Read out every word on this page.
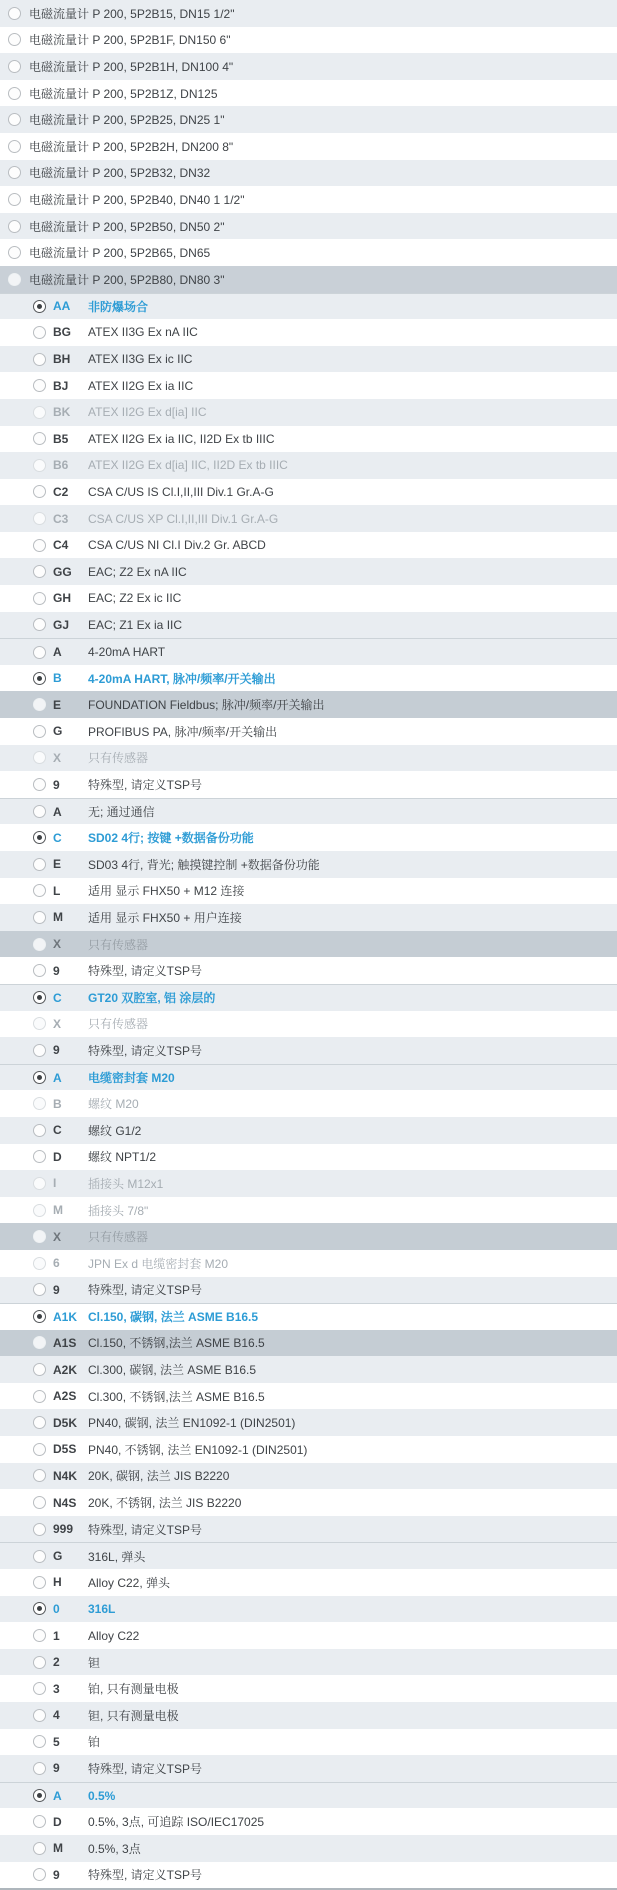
电磁流量计 P 200, 5P2B15, DN15 1/2"
电磁流量计 P 200, 5P2B1F, DN150 6"
电磁流量计 P 200, 5P2B1H, DN100 4"
电磁流量计 P 200, 5P2B1Z, DN125
电磁流量计 P 200, 5P2B25, DN25 1"
电磁流量计 P 200, 5P2B2H, DN200 8"
电磁流量计 P 200, 5P2B32, DN32
电磁流量计 P 200, 5P2B40, DN40 1 1/2"
电磁流量计 P 200, 5P2B50, DN50 2"
电磁流量计 P 200, 5P2B65, DN65
电磁流量计 P 200, 5P2B80, DN80 3"
AA	非防爆场合
BG	ATEX II3G Ex nA IIC
BH	ATEX II3G Ex ic IIC
BJ	ATEX II2G Ex ia IIC
BK	ATEX II2G Ex d[ia] IIC
B5	ATEX II2G Ex ia IIC, II2D Ex tb IIIC
B6	ATEX II2G Ex d[ia] IIC, II2D Ex tb IIIC
C2	CSA C/US IS Cl.I,II,III Div.1 Gr.A-G
C3	CSA C/US XP Cl.I,II,III Div.1 Gr.A-G
C4	CSA C/US NI Cl.I Div.2 Gr. ABCD
GG	EAC; Z2 Ex nA IIC
GH	EAC; Z2 Ex ic IIC
GJ	EAC; Z1 Ex ia IIC
A	4-20mA HART
B	4-20mA HART, 脉冲/频率/开关输出
E	FOUNDATION Fieldbus; 脉冲/频率/开关输出
G	PROFIBUS PA, 脉冲/频率/开关输出
X	只有传感器
9	特殊型, 请定义TSP号
A	无; 通过通信
C	SD02 4行; 按键 +数据备份功能
E	SD03 4行, 背光; 触摸键控制 +数据备份功能
L	适用 显示 FHX50 + M12 连接
M	适用 显示 FHX50 + 用户连接
X	只有传感器
9	特殊型, 请定义TSP号
C	GT20 双腔室, 铝 涂层的
X	只有传感器
9	特殊型, 请定义TSP号
A	电缆密封套 M20
B	螺纹 M20
C	螺纹 G1/2
D	螺纹 NPT1/2
I	插接头 M12x1
M	插接头 7/8"
X	只有传感器
6	JPN Ex d 电缆密封套 M20
9	特殊型, 请定义TSP号
A1K Cl.150, 碳钢, 法兰 ASME B16.5
A1S Cl.150, 不锈钢,法兰 ASME B16.5
A2K Cl.300, 碳钢, 法兰 ASME B16.5
A2S Cl.300, 不锈钢,法兰 ASME B16.5
D5K PN40, 碳钢, 法兰 EN1092-1 (DIN2501)
D5S PN40, 不锈钢, 法兰 EN1092-1 (DIN2501)
N4K 20K, 碳钢, 法兰 JIS B2220
N4S 20K, 不锈钢, 法兰 JIS B2220
999	特殊型, 请定义TSP号
G	316L, 弹头
H	Alloy C22, 弹头
0	316L
1	Alloy C22
2	钽
3	铂, 只有测量电极
4	钽, 只有测量电极
5	铂
9	特殊型, 请定义TSP号
A	0.5%
D	0.5%, 3点, 可追踪 ISO/IEC17025
M	0.5%, 3点
9	特殊型, 请定义TSP号
